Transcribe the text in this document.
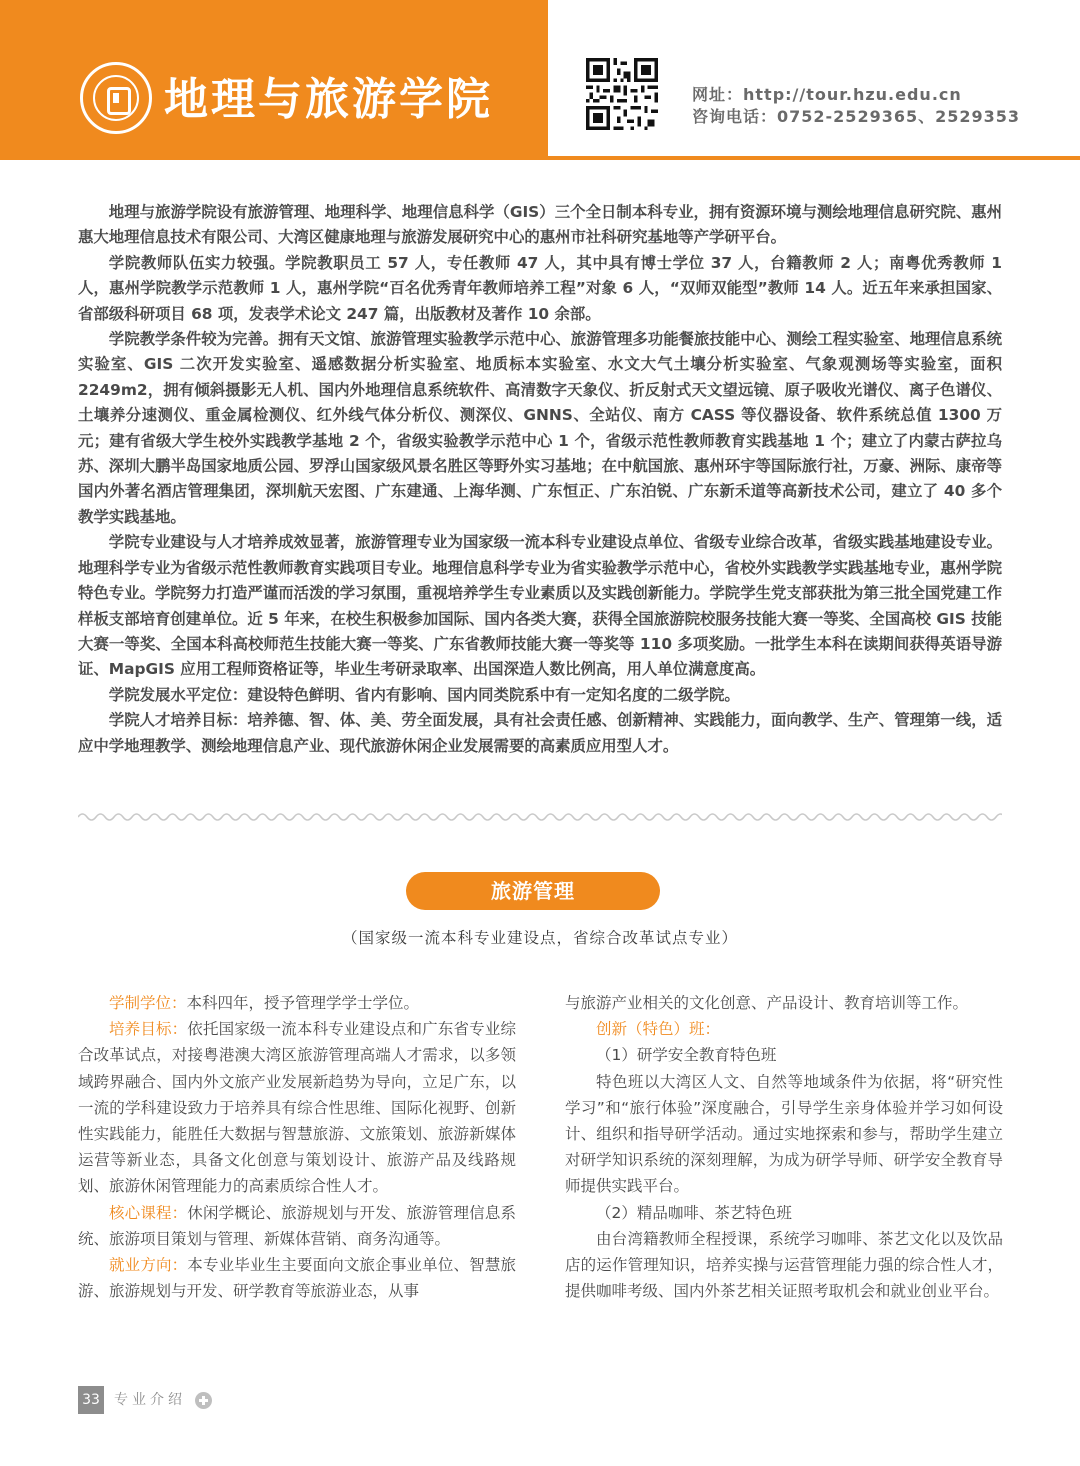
地理与旅游学院	网址：http://tour.hzu.edu.cn
咨询电话：0752-2529365、2529353

地理与旅游学院设有旅游管理、地理科学、地理信息科学（GIS）三个全日制本科专业，拥有资源环境与测绘地理信息研究院、惠州惠大地理信息技术有限公司、大湾区健康地理与旅游发展研究中心的惠州市社科研究基地等产学研平台。

学院教师队伍实力较强。学院教职员工 57 人，专任教师 47 人，其中具有博士学位 37 人，台籍教师 2 人；南粤优秀教师 1 人，惠州学院教学示范教师 1 人，惠州学院“百名优秀青年教师培养工程”对象 6 人，“双师双能型”教师 14 人。近五年来承担国家、省部级科研项目 68 项，发表学术论文 247 篇，出版教材及著作 10 余部。

学院教学条件较为完善。拥有天文馆、旅游管理实验教学示范中心、旅游管理多功能餐旅技能中心、测绘工程实验室、地理信息系统实验室、GIS 二次开发实验室、遥感数据分析实验室、地质标本实验室、水文大气土壤分析实验室、气象观测场等实验室，面积 2249m2，拥有倾斜摄影无人机、国内外地理信息系统软件、高清数字天象仪、折反射式天文望远镜、原子吸收光谱仪、离子色谱仪、土壤养分速测仪、重金属检测仪、红外线气体分析仪、测深仪、GNNS、全站仪、南方 CASS 等仪器设备、软件系统总值 1300 万元；建有省级大学生校外实践教学基地 2 个，省级实验教学示范中心 1 个，省级示范性教师教育实践基地 1 个；建立了内蒙古萨拉乌苏、深圳大鹏半岛国家地质公园、罗浮山国家级风景名胜区等野外实习基地；在中航国旅、惠州环宇等国际旅行社，万豪、洲际、康帝等国内外著名酒店管理集团，深圳航天宏图、广东建通、上海华测、广东恒正、广东泊锐、广东新禾道等高新技术公司，建立了 40 多个教学实践基地。

学院专业建设与人才培养成效显著，旅游管理专业为国家级一流本科专业建设点单位、省级专业综合改革，省级实践基地建设专业。地理科学专业为省级示范性教师教育实践项目专业。地理信息科学专业为省实验教学示范中心，省校外实践教学实践基地专业，惠州学院特色专业。学院努力打造严谨而活泼的学习氛围，重视培养学生专业素质以及实践创新能力。学院学生党支部获批为第三批全国党建工作样板支部培育创建单位。近 5 年来，在校生积极参加国际、国内各类大赛，获得全国旅游院校服务技能大赛一等奖、全国高校 GIS 技能大赛一等奖、全国本科高校师范生技能大赛一等奖、广东省教师技能大赛一等奖等 110 多项奖励。一批学生本科在读期间获得英语导游证、MapGIS 应用工程师资格证等，毕业生考研录取率、出国深造人数比例高，用人单位满意度高。

学院发展水平定位：建设特色鲜明、省内有影响、国内同类院系中有一定知名度的二级学院。

学院人才培养目标：培养德、智、体、美、劳全面发展，具有社会责任感、创新精神、实践能力，面向教学、生产、管理第一线，适应中学地理教学、测绘地理信息产业、现代旅游休闲企业发展需要的高素质应用型人才。

旅游管理
（国家级一流本科专业建设点，省综合改革试点专业）

学制学位：本科四年，授予管理学学士学位。

培养目标：依托国家级一流本科专业建设点和广东省专业综合改革试点，对接粤港澳大湾区旅游管理高端人才需求，以多领域跨界融合、国内外文旅产业发展新趋势为导向，立足广东，以一流的学科建设致力于培养具有综合性思维、国际化视野、创新性实践能力，能胜任大数据与智慧旅游、文旅策划、旅游新媒体运营等新业态，具备文化创意与策划设计、旅游产品及线路规划、旅游休闲管理能力的高素质综合性人才。

核心课程：休闲学概论、旅游规划与开发、旅游管理信息系统、旅游项目策划与管理、新媒体营销、商务沟通等。

就业方向：本专业毕业生主要面向文旅企事业单位、智慧旅游、旅游规划与开发、研学教育等旅游业态，从事

与旅游产业相关的文化创意、产品设计、教育培训等工作。

创新（特色）班：

（1）研学安全教育特色班

特色班以大湾区人文、自然等地域条件为依据，将“研究性学习”和“旅行体验”深度融合，引导学生亲身体验并学习如何设计、组织和指导研学活动。通过实地探索和参与，帮助学生建立对研学知识系统的深刻理解，为成为研学导师、研学安全教育导师提供实践平台。

（2）精品咖啡、茶艺特色班

由台湾籍教师全程授课，系统学习咖啡、茶艺文化以及饮品店的运作管理知识，培养实操与运营管理能力强的综合性人才，提供咖啡考级、国内外茶艺相关证照考取机会和就业创业平台。

33 专业介绍
